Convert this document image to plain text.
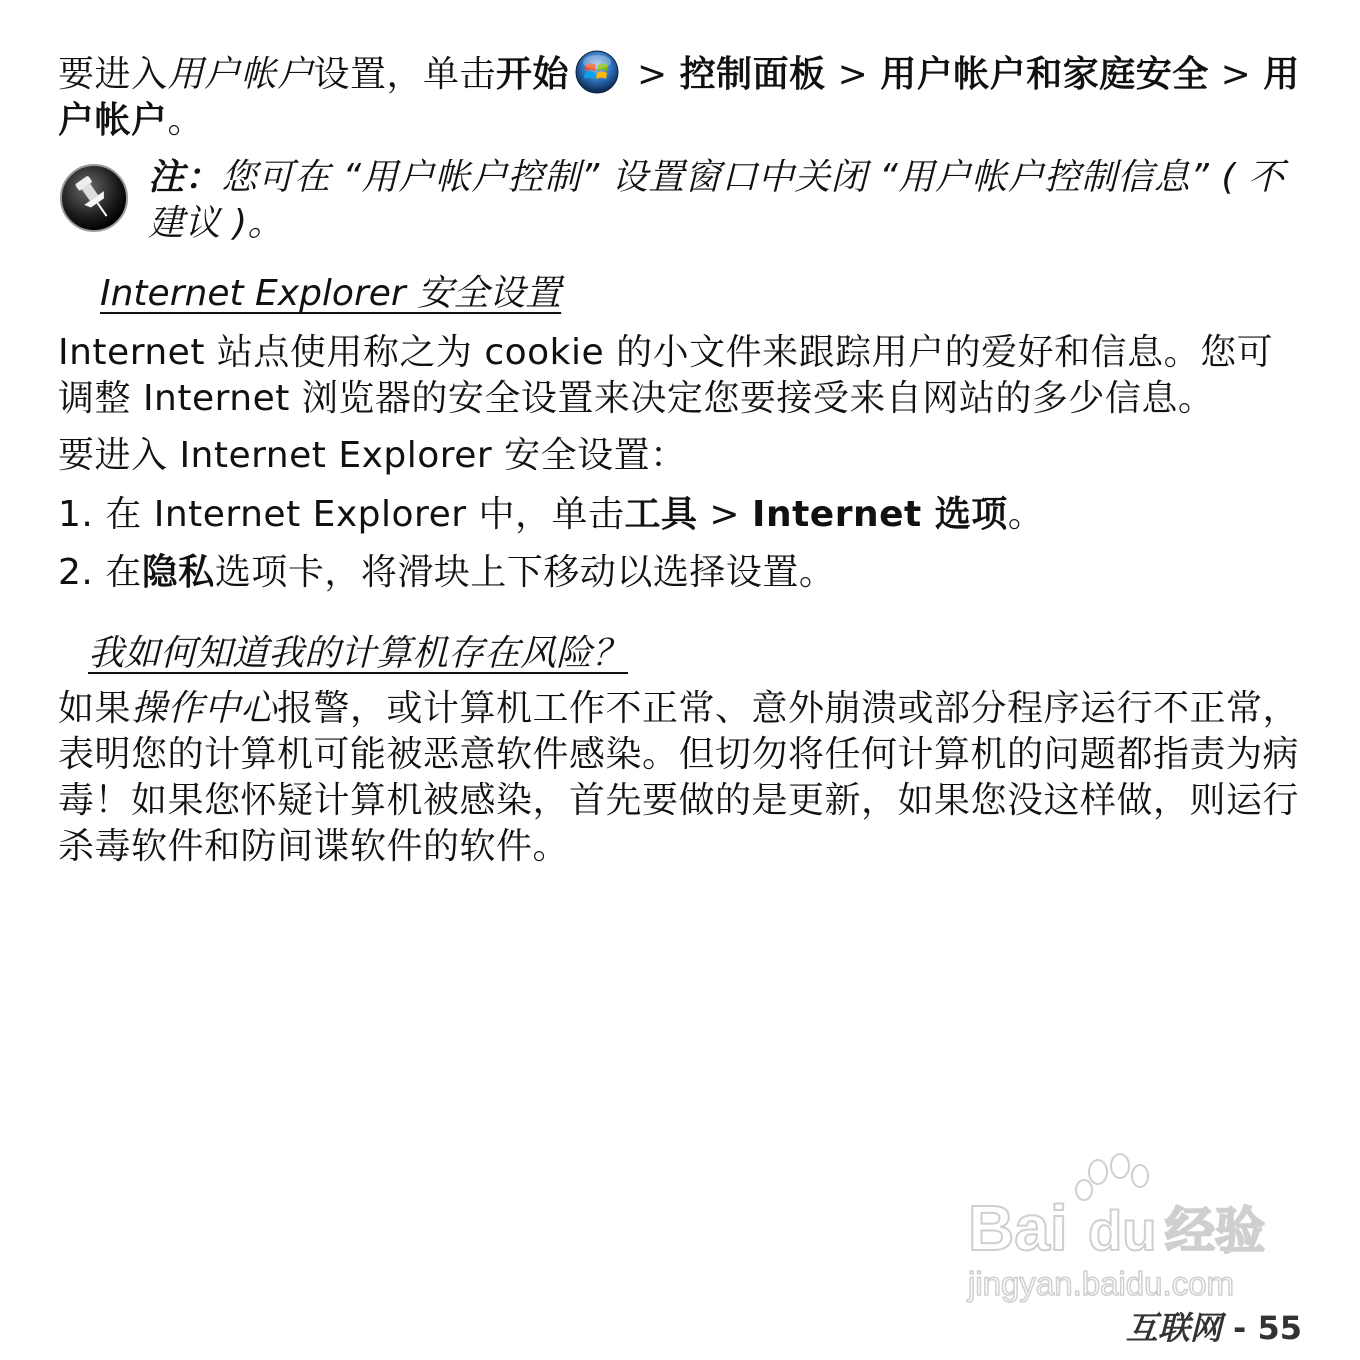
要进入用户帐户设置，单击开始 > 控制面板 > 用户帐户和家庭安全 > 用户帐户。

注：您可在 “用户帐户控制” 设置窗口中关闭 “用户帐户控制信息” ( 不建议 )。
Internet Explorer 安全设置

Internet 站点使用称之为 cookie 的小文件来跟踪用户的爱好和信息。您可调整 Internet 浏览器的安全设置来决定您要接受来自网站的多少信息。

要进入 Internet Explorer 安全设置：

1. 在 Internet Explorer 中，单击工具 > Internet 选项。

2. 在隐私选项卡，将滑块上下移动以选择设置。

我如何知道我的计算机存在风险？

如果操作中心报警，或计算机工作不正常、意外崩溃或部分程序运行不正常，表明您的计算机可能被恶意软件感染。但切勿将任何计算机的问题都指责为病毒！如果您怀疑计算机被感染，首先要做的是更新，如果您没这样做，则运行杀毒软件和防间谍软件的软件。

Bai du 经验
jingyan.baidu.com
互联网 - 55
